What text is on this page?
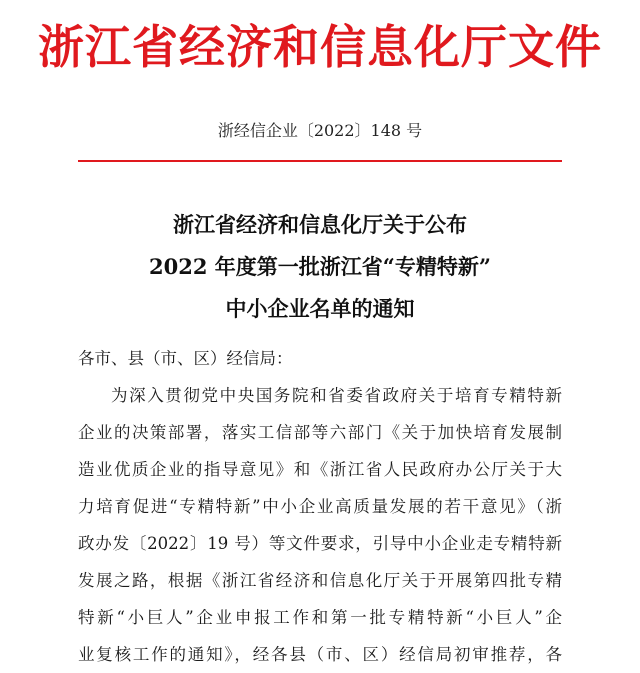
浙江省经济和信息化厅文件
浙经信企业〔2022〕148 号
浙江省经济和信息化厅关于公布
2022 年度第一批浙江省“专精特新”
中小企业名单的通知
各市、县（市、区）经信局：
为深入贯彻党中央国务院和省委省政府关于培育专精特新
企业的决策部署，落实工信部等六部门《关于加快培育发展制
造业优质企业的指导意见》和《浙江省人民政府办公厅关于大
力培育促进“专精特新”中小企业高质量发展的若干意见》（浙
政办发〔2022〕19 号）等文件要求，引导中小企业走专精特新
发展之路，根据《浙江省经济和信息化厅关于开展第四批专精
特新“小巨人”企业申报工作和第一批专精特新“小巨人”企
业复核工作的通知》，经各县（市、区）经信局初审推荐，各
